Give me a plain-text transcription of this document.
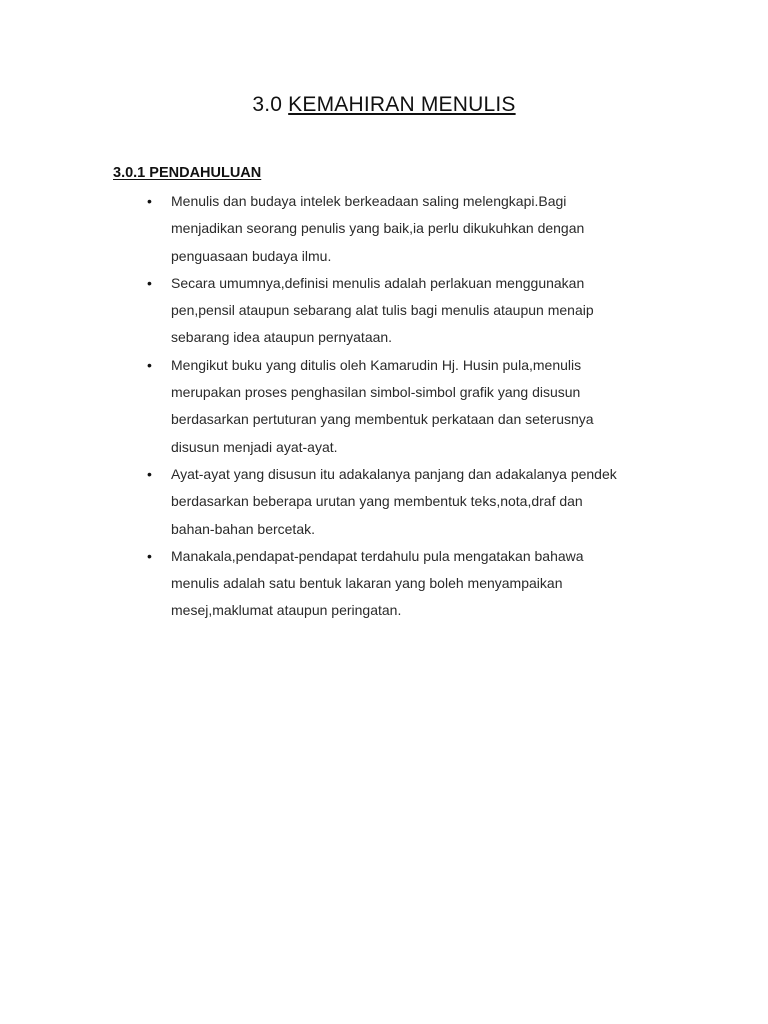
3.0 KEMAHIRAN MENULIS
3.0.1 PENDAHULUAN
• Menulis dan budaya intelek berkeadaan saling melengkapi.Bagi
menjadikan seorang penulis yang baik,ia perlu dikukuhkan dengan
penguasaan budaya ilmu.
• Secara umumnya,definisi menulis adalah perlakuan menggunakan
pen,pensil ataupun sebarang alat tulis bagi menulis ataupun menaip
sebarang idea ataupun pernyataan.
• Mengikut buku yang ditulis oleh Kamarudin Hj. Husin pula,menulis
merupakan proses penghasilan simbol-simbol grafik yang disusun
berdasarkan pertuturan yang membentuk perkataan dan seterusnya
disusun menjadi ayat-ayat.
• Ayat-ayat yang disusun itu adakalanya panjang dan adakalanya pendek
berdasarkan beberapa urutan yang membentuk teks,nota,draf dan
bahan-bahan bercetak.
• Manakala,pendapat-pendapat terdahulu pula mengatakan bahawa
menulis adalah satu bentuk lakaran yang boleh menyampaikan
mesej,maklumat ataupun peringatan.
